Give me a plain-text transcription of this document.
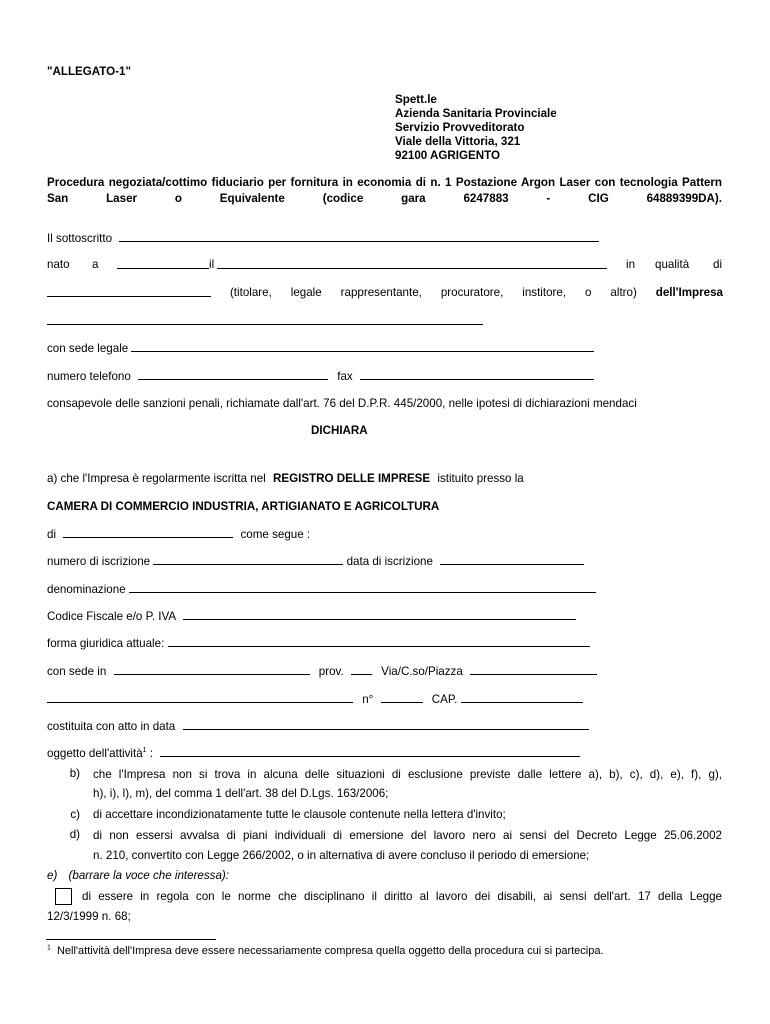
"ALLEGATO-1"
Spett.le
Azienda Sanitaria Provinciale
Servizio Provveditorato
Viale della Vittoria, 321
92100 AGRIGENTO
Procedura negoziata/cottimo fiduciario per fornitura in economia di n. 1 Postazione Argon Laser con tecnologia Pattern San Laser o Equivalente (codice gara 6247883 - CIG 64889399DA).
Il sottoscritto
nato a	il	in qualità di
(titolare, legale rappresentante, procuratore, institore, o altro) dell'Impresa
con sede legale
numero telefono	fax
consapevole delle sanzioni penali, richiamate dall'art. 76 del D.P.R. 445/2000, nelle ipotesi di dichiarazioni mendaci
DICHIARA
a) che l'Impresa è regolarmente iscritta nel REGISTRO DELLE IMPRESE istituito presso la
CAMERA DI COMMERCIO INDUSTRIA, ARTIGIANATO E AGRICOLTURA
di	come segue :
numero di iscrizione	data di iscrizione
denominazione
Codice Fiscale e/o P. IVA
forma giuridica attuale:
con sede in	prov.	Via/C.so/Piazza
n°	CAP.
costituita con atto in data
oggetto dell'attività$^1$ :
b) che l'Impresa non si trova in alcuna delle situazioni di esclusione previste dalle lettere a), b), c), d), e), f), g),
h), i), l), m), del comma 1 dell'art. 38 del D.Lgs. 163/2006;
c) di accettare incondizionatamente tutte le clausole contenute nella lettera d'invito;
d) di non essersi avvalsa di piani individuali di emersione del lavoro nero ai sensi del Decreto Legge 25.06.2002
n. 210, convertito con Legge 266/2002, o in alternativa di avere concluso il periodo di emersione;
e) (barrare la voce che interessa):
di essere in regola con le norme che disciplinano il diritto al lavoro dei disabili, ai sensi dell'art. 17 della Legge
12/3/1999 n. 68;
$^1$ Nell'attività dell'Impresa deve essere necessariamente compresa quella oggetto della procedura cui si partecipa.
